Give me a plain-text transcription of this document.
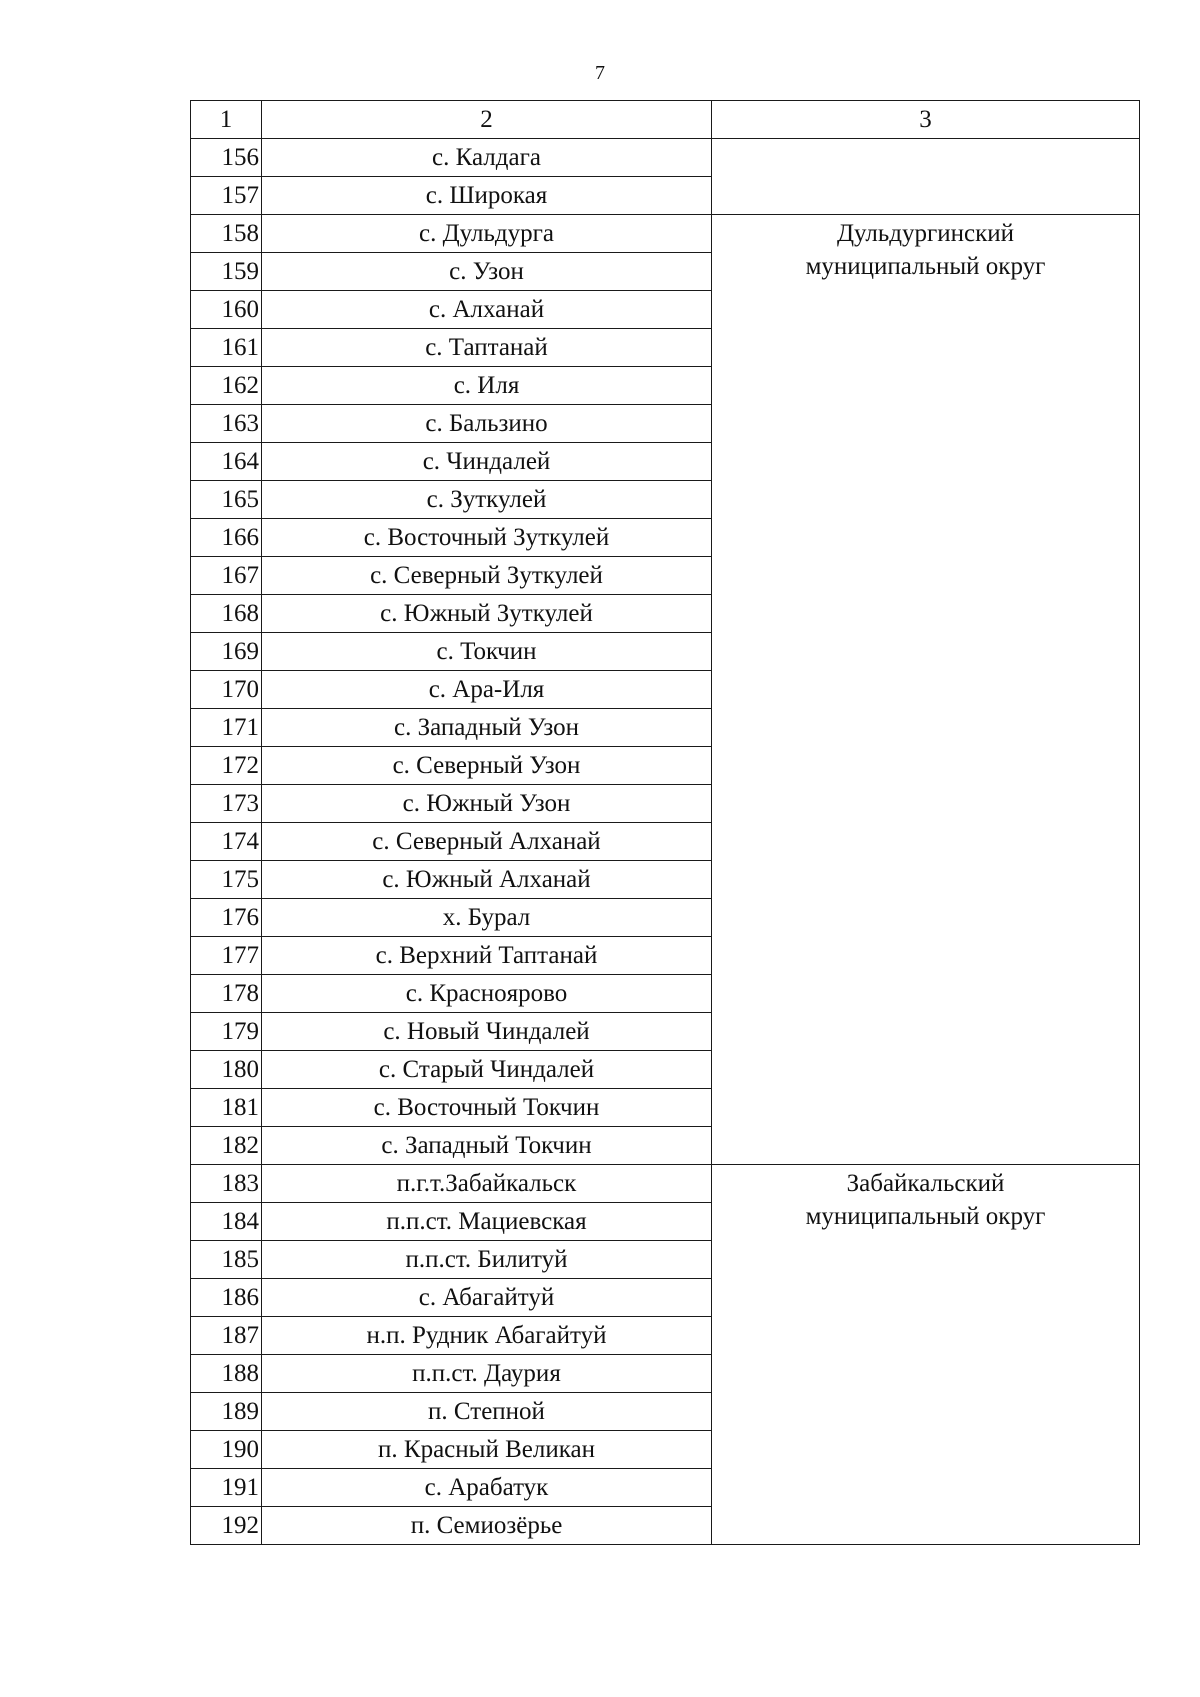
7
1	2	3
156	с. Калдага	

157	с. Широкая	
158	с. Дульдурга	Дульдургинский
муниципальный округ

159	с. Узон	
160	с. Алханай	
161	с. Таптанай	
162	с. Иля	
163	с. Бальзино	
164	с. Чиндалей	
165	с. Зуткулей	
166	с. Восточный Зуткулей	
167	с. Северный Зуткулей	
168	с. Южный Зуткулей	
169	с. Токчин	
170	с. Ара-Иля	
171	с. Западный Узон	
172	с. Северный Узон	
173	с. Южный Узон	
174	с. Северный Алханай	
175	с. Южный Алханай	
176	х. Бурал	
177	с. Верхний Таптанай	
178	с. Краснoярово	
179	с. Новый Чиндалей	
180	с. Старый Чиндалей	
181	с. Восточный Токчин	
182	с. Западный Токчин	
183	п.г.т.Забайкальск	Забайкальский
муниципальный округ

184	п.п.ст. Мациевская	
185	п.п.ст. Билитуй	
186	с. Абагайтуй	
187	н.п. Рудник Абагайтуй	
188	п.п.ст. Даурия	
189	п. Степной	
190	п. Красный Великан	
191	с. Арабатук	
192	п. Семиозёрье	
